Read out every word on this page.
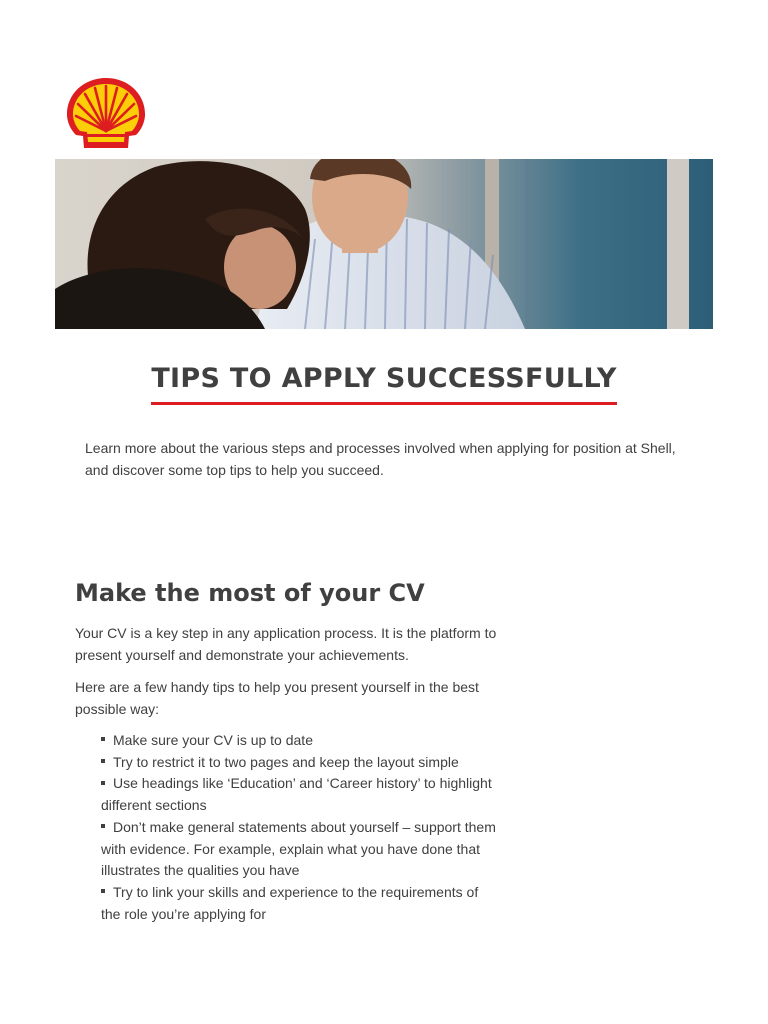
TIPS TO APPLY SUCCESSFULLY
Learn more about the various steps and processes involved when applying for position at Shell, and discover some top tips to help you succeed.
Make the most of your CV
Your CV is a key step in any application process. It is the platform to present yourself and demonstrate your achievements.
Here are a few handy tips to help you present yourself in the best possible way:

Make sure your CV is up to date

Try to restrict it to two pages and keep the layout simple

Use headings like ‘Education’ and ‘Career history’ to highlight different sections

Don’t make general statements about yourself – support them with evidence. For example, explain what you have done that illustrates the qualities you have

Try to link your skills and experience to the requirements of the role you’re applying for
